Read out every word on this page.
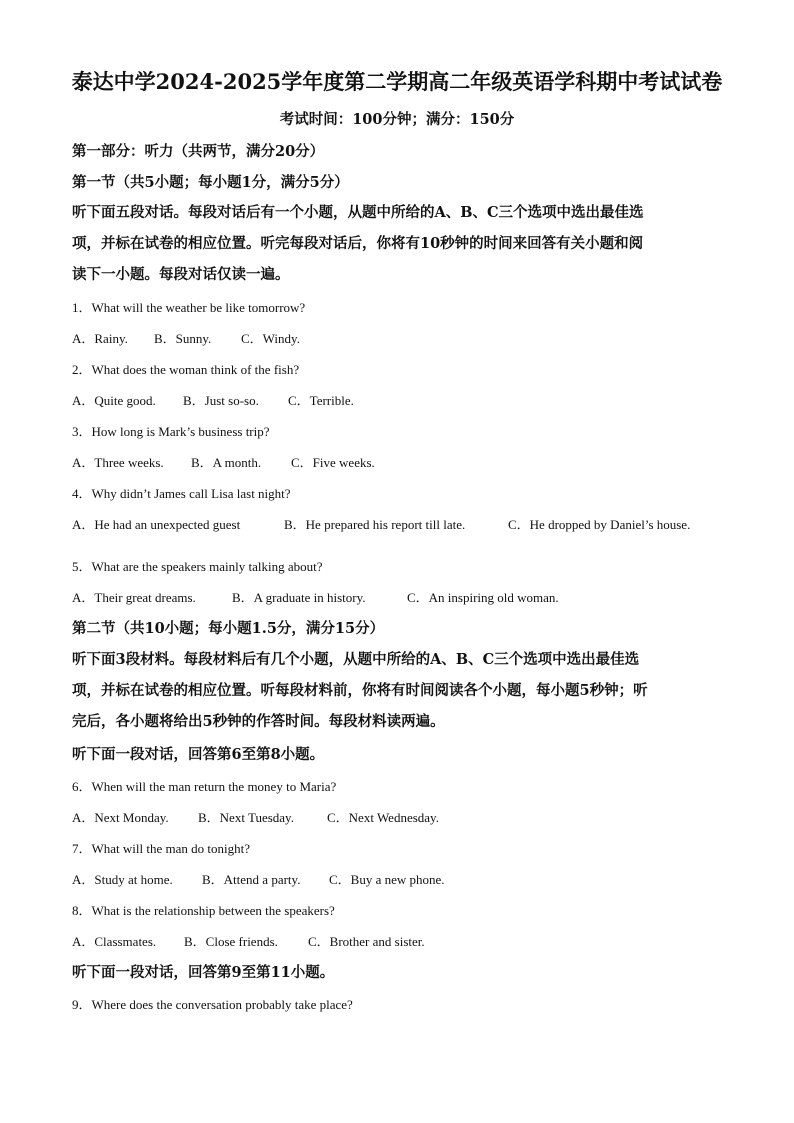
泰达中学2024-2025学年度第二学期高二年级英语学科期中考试试卷
考试时间：100分钟；满分：150分
第一部分：听力（共两节，满分20分）
第一节（共5小题；每小题1分，满分5分）
听下面五段对话。每段对话后有一个小题，从题中所给的A、B、C三个选项中选出最佳选
项，并标在试卷的相应位置。听完每段对话后，你将有10秒钟的时间来回答有关小题和阅
读下一小题。每段对话仅读一遍。
1．What will the weather be like tomorrow?
A．Rainy. B．Sunny. C．Windy.
2．What does the woman think of the fish?
A．Quite good. B．Just so-so. C．Terrible.
3．How long is Mark’s business trip?
A．Three weeks. B．A month. C．Five weeks.
4．Why didn’t James call Lisa last night?
A．He had an unexpected guest	B．He prepared his report till late.	C．He dropped by Daniel’s house.
5．What are the speakers mainly talking about?
A．Their great dreams.	B．A graduate in history.	C．An inspiring old woman.
第二节（共10小题；每小题1.5分，满分15分）
听下面3段材料。每段材料后有几个小题，从题中所给的A、B、C三个选项中选出最佳选
项，并标在试卷的相应位置。听每段材料前，你将有时间阅读各个小题，每小题5秒钟；听
完后，各小题将给出5秒钟的作答时间。每段材料读两遍。
听下面一段对话，回答第6至第8小题。
6．When will the man return the money to Maria?
A．Next Monday. B．Next Tuesday.	C．Next Wednesday.
7．What will the man do tonight?
A．Study at home. B．Attend a party. C．Buy a new phone.
8．What is the relationship between the speakers?
A．Classmates. B．Close friends. C．Brother and sister.
听下面一段对话，回答第9至第11小题。
9．Where does the conversation probably take place?
